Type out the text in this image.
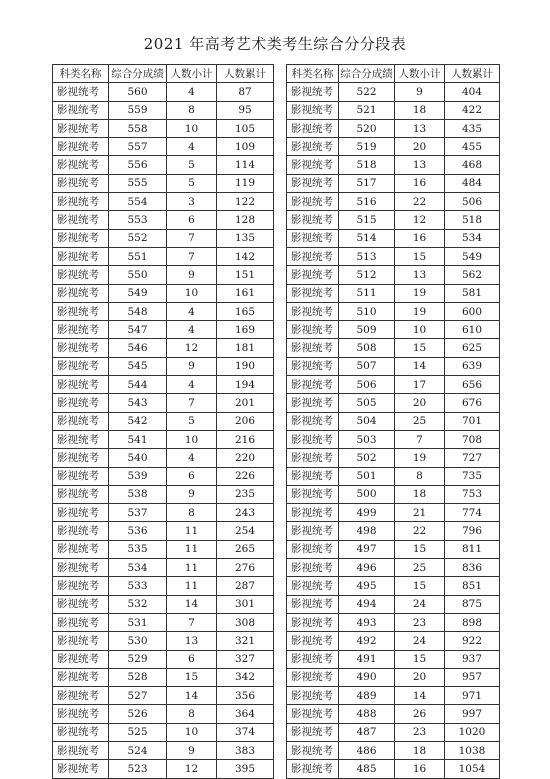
2021 年高考艺术类考生综合分分段表
科类名称	综合分成绩	人数小计	人数累计
影视统考	560	4	87
影视统考	559	8	95
影视统考	558	10	105
影视统考	557	4	109
影视统考	556	5	114
影视统考	555	5	119
影视统考	554	3	122
影视统考	553	6	128
影视统考	552	7	135
影视统考	551	7	142
影视统考	550	9	151
影视统考	549	10	161
影视统考	548	4	165
影视统考	547	4	169
影视统考	546	12	181
影视统考	545	9	190
影视统考	544	4	194
影视统考	543	7	201
影视统考	542	5	206
影视统考	541	10	216
影视统考	540	4	220
影视统考	539	6	226
影视统考	538	9	235
影视统考	537	8	243
影视统考	536	11	254
影视统考	535	11	265
影视统考	534	11	276
影视统考	533	11	287
影视统考	532	14	301
影视统考	531	7	308
影视统考	530	13	321
影视统考	529	6	327
影视统考	528	15	342
影视统考	527	14	356
影视统考	526	8	364
影视统考	525	10	374
影视统考	524	9	383
影视统考	523	12	395
科类名称	综合分成绩	人数小计	人数累计
影视统考	522	9	404
影视统考	521	18	422
影视统考	520	13	435
影视统考	519	20	455
影视统考	518	13	468
影视统考	517	16	484
影视统考	516	22	506
影视统考	515	12	518
影视统考	514	16	534
影视统考	513	15	549
影视统考	512	13	562
影视统考	511	19	581
影视统考	510	19	600
影视统考	509	10	610
影视统考	508	15	625
影视统考	507	14	639
影视统考	506	17	656
影视统考	505	20	676
影视统考	504	25	701
影视统考	503	7	708
影视统考	502	19	727
影视统考	501	8	735
影视统考	500	18	753
影视统考	499	21	774
影视统考	498	22	796
影视统考	497	15	811
影视统考	496	25	836
影视统考	495	15	851
影视统考	494	24	875
影视统考	493	23	898
影视统考	492	24	922
影视统考	491	15	937
影视统考	490	20	957
影视统考	489	14	971
影视统考	488	26	997
影视统考	487	23	1020
影视统考	486	18	1038
影视统考	485	16	1054
